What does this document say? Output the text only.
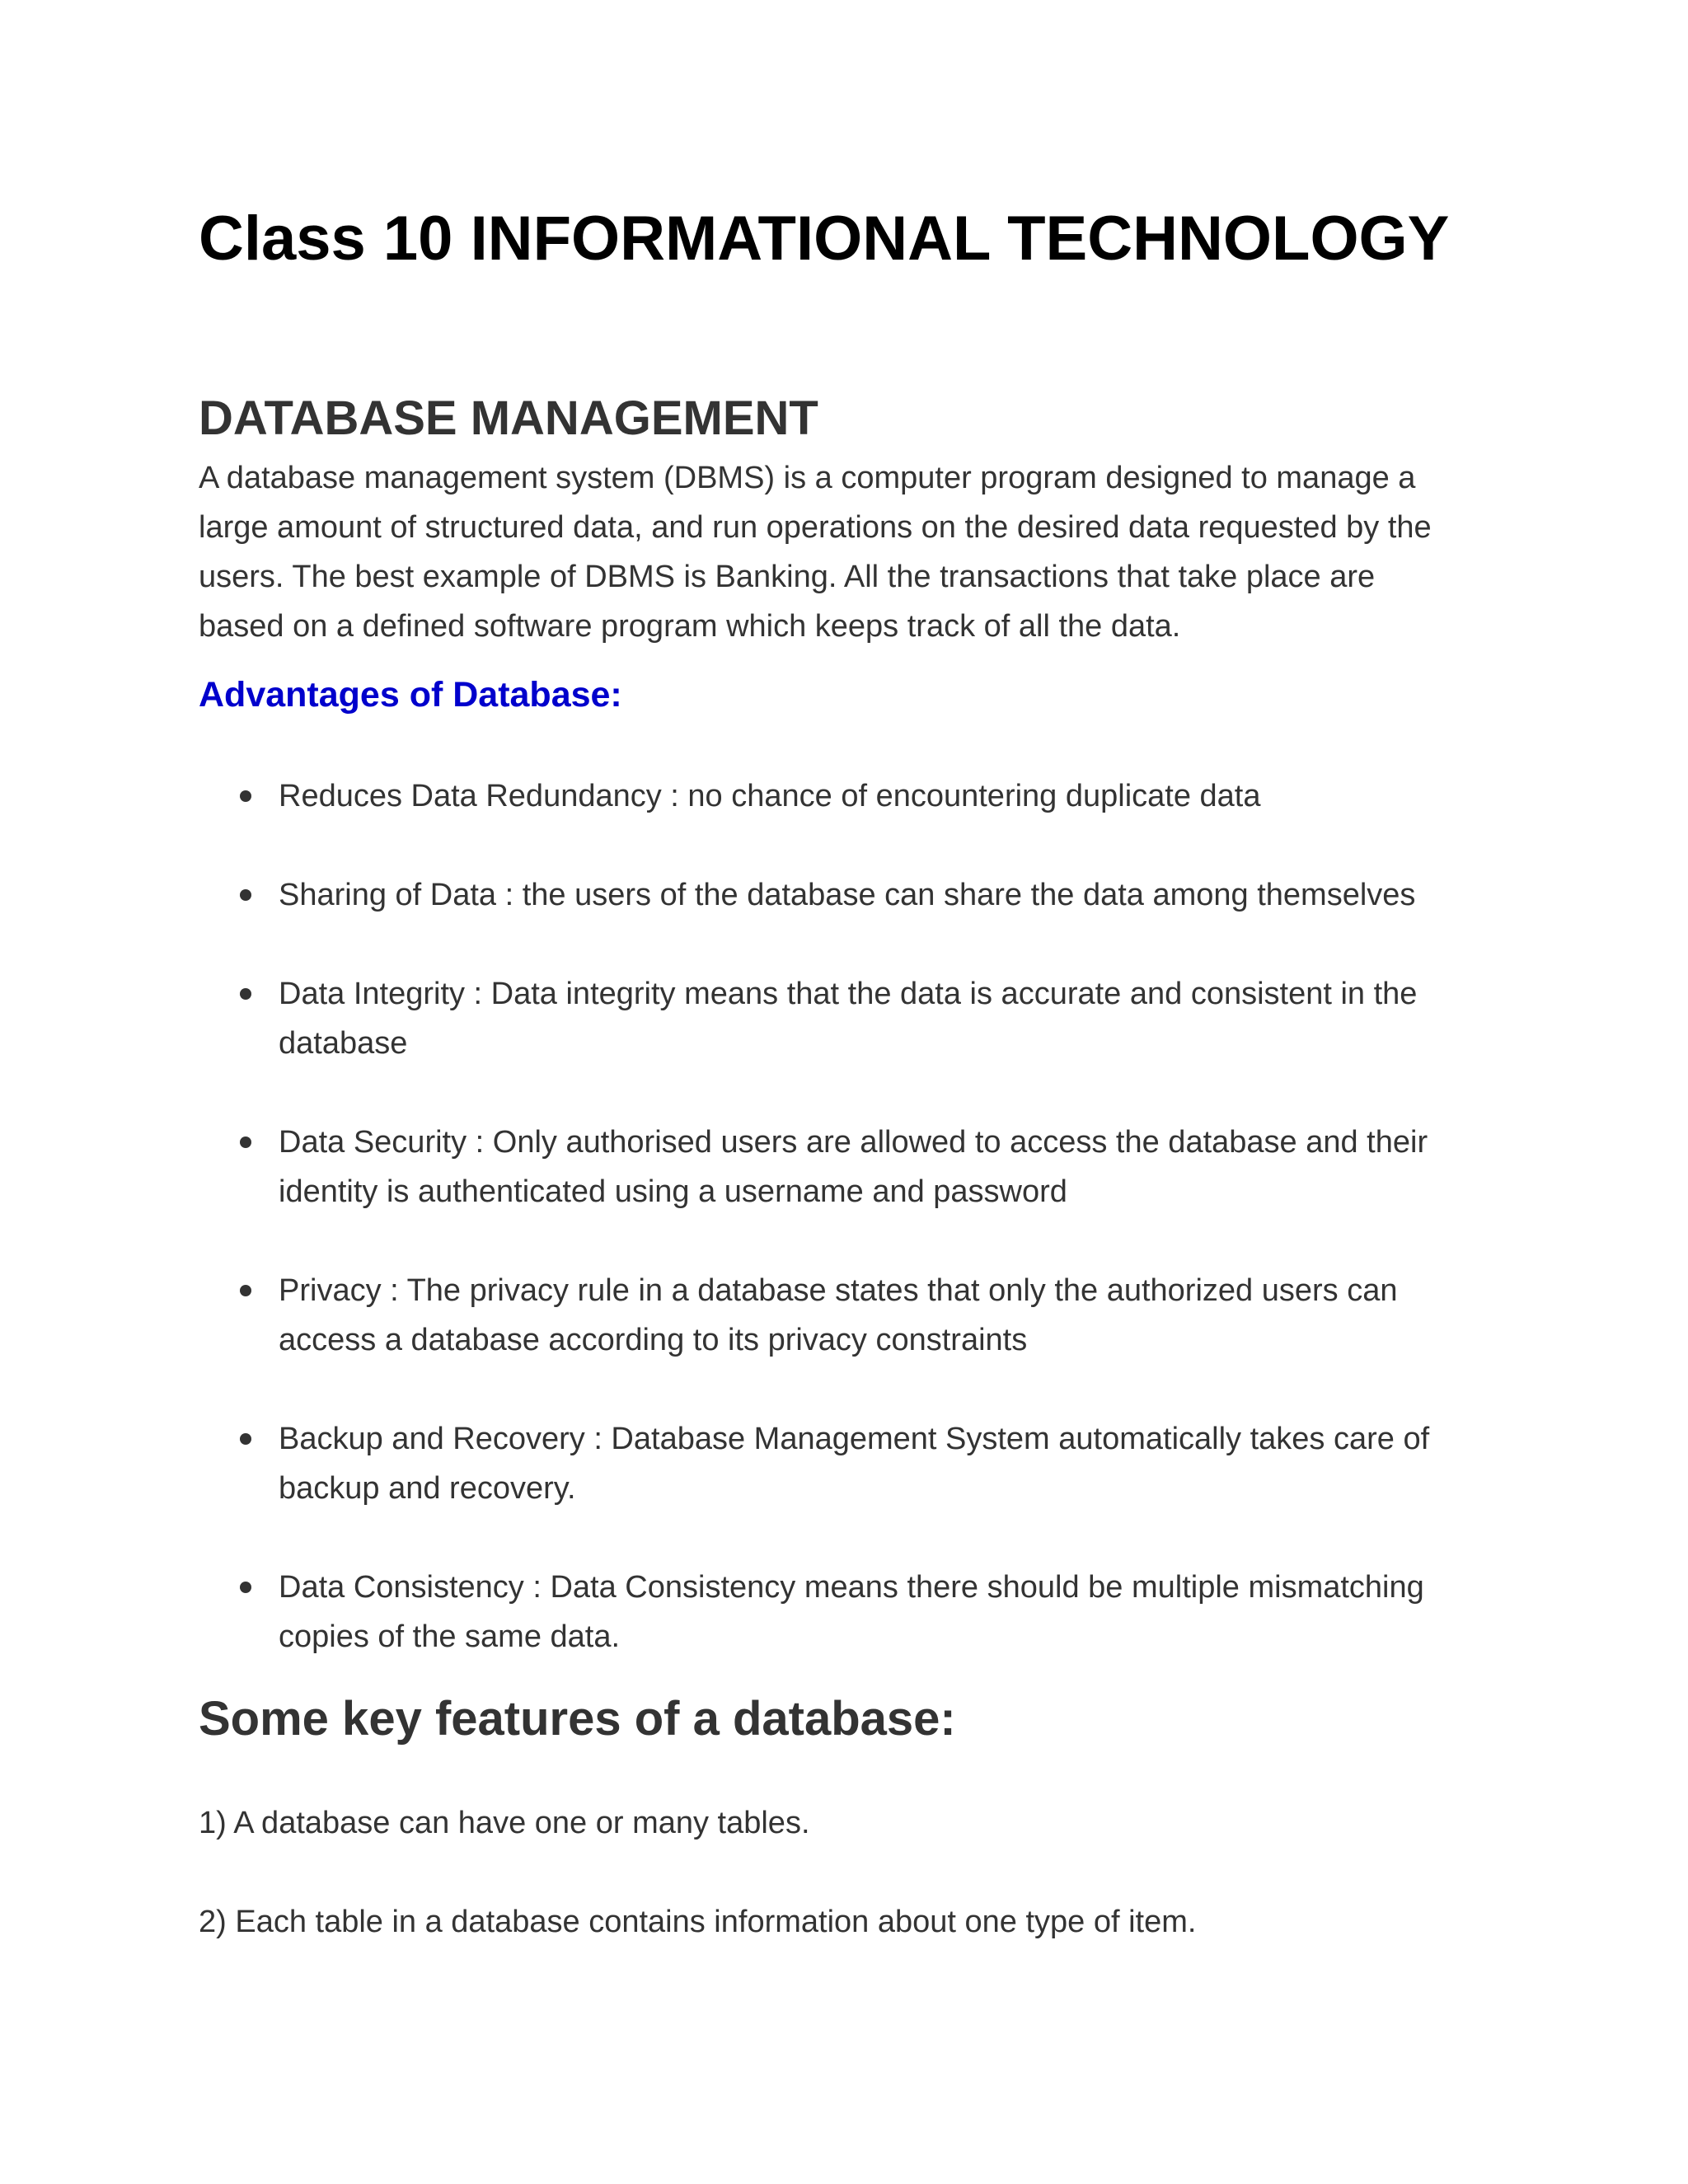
Class 10 INFORMATIONAL TECHNOLOGY
DATABASE MANAGEMENT

A database management system (DBMS) is a computer program designed to manage a large amount of structured data, and run operations on the desired data requested by the users. The best example of DBMS is Banking. All the transactions that take place are based on a defined software program which keeps track of all the data.

Advantages of Database:
Reduces Data Redundancy : no chance of encountering duplicate data
Sharing of Data : the users of the database can share the data among themselves
Data Integrity : Data integrity means that the data is accurate and consistent in the database
Data Security : Only authorised users are allowed to access the database and their identity is authenticated using a username and password
Privacy : The privacy rule in a database states that only the authorized users can access a database according to its privacy constraints
Backup and Recovery : Database Management System automatically takes care of backup and recovery.
Data Consistency : Data Consistency means there should be multiple mismatching copies of the same data.
Some key features of a database:

1) A database can have one or many tables.

2) Each table in a database contains information about one type of item.
